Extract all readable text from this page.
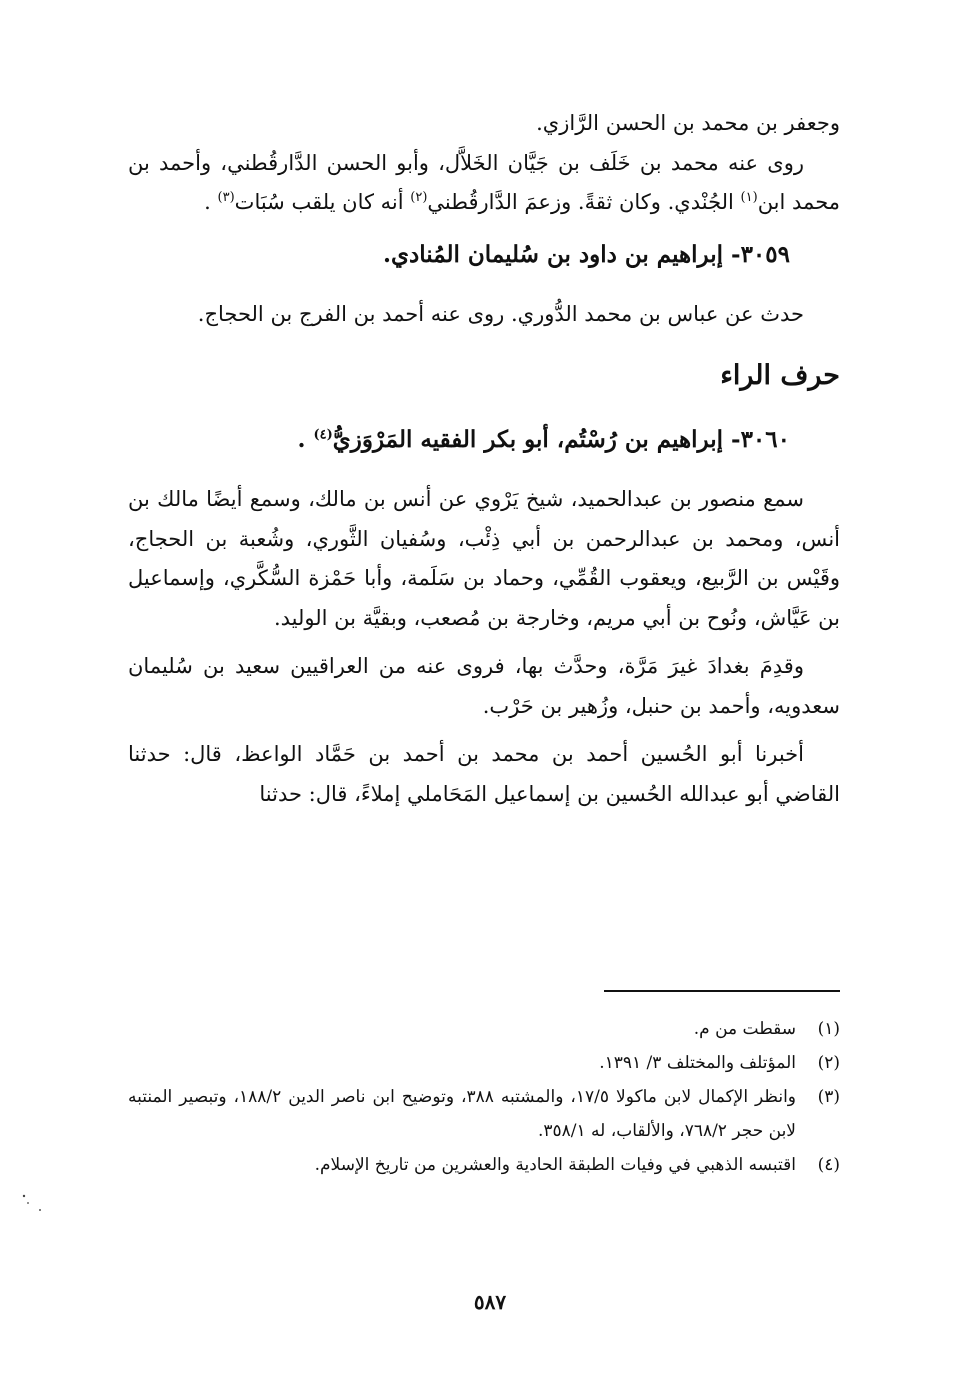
وجعفر بن محمد بن الحسن الرَّازي.

روى عنه محمد بن خَلَف بن جَيَّان الخَلاَّل، وأبو الحسن الدَّارقُطني، وأحمد بن محمد ابن$^{(١)}$ الجُنْدي. وكان ثقةً. وزعمَ الدَّارقُطني$^{(٢)}$ أنه كان يلقب سُبَات$^{(٣)}$ .

٣٠٥٩- إبراهيم بن داود بن سُليمان المُنادي.

حدث عن عباس بن محمد الدُّوري. روى عنه أحمد بن الفرج بن الحجاج.

حرف الراء
٣٠٦٠- إبراهيم بن رُسْتُم، أبو بكر الفقيه المَرْوَزيُّ$^{(٤)}$ .

سمع منصور بن عبدالحميد، شيخ يَرْوي عن أنس بن مالك، وسمع أيضًا مالك بن أنس، ومحمد بن عبدالرحمن بن أبي ذِئْب، وسُفيان الثَّوري، وشُعبة بن الحجاج، وقَيْس بن الرَّبيع، ويعقوب القُمِّي، وحماد بن سَلَمة، وأبا حَمْزة السُّكَّري، وإسماعيل بن عَيَّاش، ونُوح بن أبي مريم، وخارجة بن مُصعب، وبقيَّة بن الوليد.

وقدِمَ بغدادَ غيرَ مَرَّة، وحدَّث بها، فروى عنه من العراقيين سعيد بن سُليمان سعدويه، وأحمد بن حنبل، وزُهير بن حَرْب.

أخبرنا أبو الحُسين أحمد بن محمد بن أحمد بن حَمَّاد الواعظ، قال: حدثنا القاضي أبو عبدالله الحُسين بن إسماعيل المَحَاملي إملاءً، قال: حدثنا

(١)
سقطت من م.
(٢)
المؤتلف والمختلف ٣/ ١٣٩١.
(٣)
وانظر الإكمال لابن ماكولا ١٧/٥، والمشتبه ٣٨٨، وتوضيح ابن ناصر الدين ١٨٨/٢، وتبصير المنتبه لابن حجر ٧٦٨/٢، والألقاب، له ٣٥٨/١.
(٤)
اقتبسه الذهبي في وفيات الطبقة الحادية والعشرين من تاريخ الإسلام.
٥٨٧
